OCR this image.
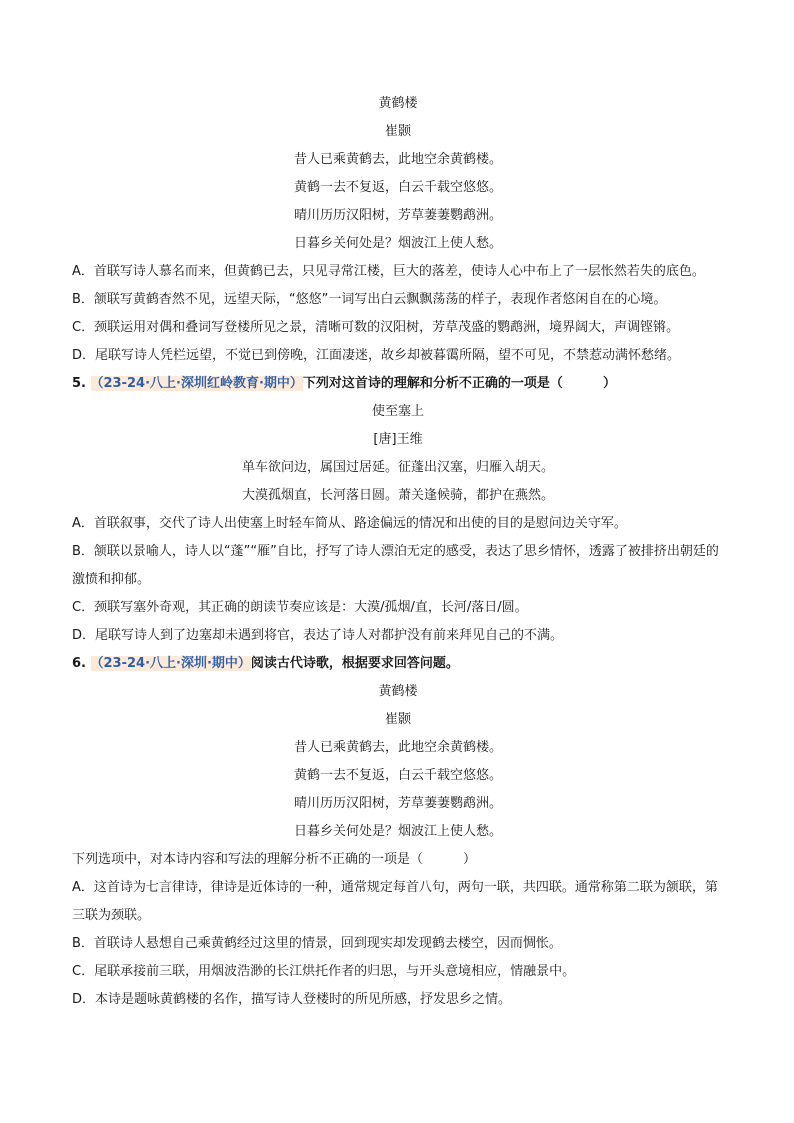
黄鹤楼
崔颢
昔人已乘黄鹤去，此地空余黄鹤楼。
黄鹤一去不复返，白云千载空悠悠。
晴川历历汉阳树，芳草萋萋鹦鹉洲。
日暮乡关何处是？烟波江上使人愁。
A．首联写诗人慕名而来，但黄鹤已去，只见寻常江楼，巨大的落差，使诗人心中布上了一层怅然若失的底色。
B．颔联写黄鹤杳然不见，远望天际，“悠悠”一词写出白云飘飘荡荡的样子，表现作者悠闲自在的心境。
C．颈联运用对偶和叠词写登楼所见之景，清晰可数的汉阳树，芳草茂盛的鹦鹉洲，境界阔大，声调铿锵。
D．尾联写诗人凭栏远望，不觉已到傍晚，江面凄迷，故乡却被暮霭所隔，望不可见，不禁惹动满怀愁绪。
5. （23-24·八上·深圳红岭教育·期中）下列对这首诗的理解和分析不正确的一项是（	）
使至塞上
[唐]王维
单车欲问边，属国过居延。征蓬出汉塞，归雁入胡天。
大漠孤烟直，长河落日圆。萧关逢候骑，都护在燕然。
A．首联叙事，交代了诗人出使塞上时轻车简从、路途偏远的情况和出使的目的是慰问边关守军。
B．颔联以景喻人，诗人以“蓬”“雁”自比，抒写了诗人漂泊无定的感受，表达了思乡情怀，透露了被排挤出朝廷的激愤和抑郁。
C．颈联写塞外奇观，其正确的朗读节奏应该是：大漠/孤烟/直，长河/落日/圆。
D．尾联写诗人到了边塞却未遇到将官，表达了诗人对都护没有前来拜见自己的不满。
6. （23-24·八上·深圳·期中）阅读古代诗歌，根据要求回答问题。
黄鹤楼
崔颢
昔人已乘黄鹤去，此地空余黄鹤楼。
黄鹤一去不复返，白云千载空悠悠。
晴川历历汉阳树，芳草萋萋鹦鹉洲。
日暮乡关何处是？烟波江上使人愁。
下列选项中，对本诗内容和写法的理解分析不正确的一项是（	）
A．这首诗为七言律诗，律诗是近体诗的一种，通常规定每首八句，两句一联，共四联。通常称第二联为颔联，第三联为颈联。
B．首联诗人悬想自己乘黄鹤经过这里的情景，回到现实却发现鹤去楼空，因而惆怅。
C．尾联承接前三联，用烟波浩渺的长江烘托作者的归思，与开头意境相应，情融景中。
D．本诗是题咏黄鹤楼的名作，描写诗人登楼时的所见所感，抒发思乡之情。
